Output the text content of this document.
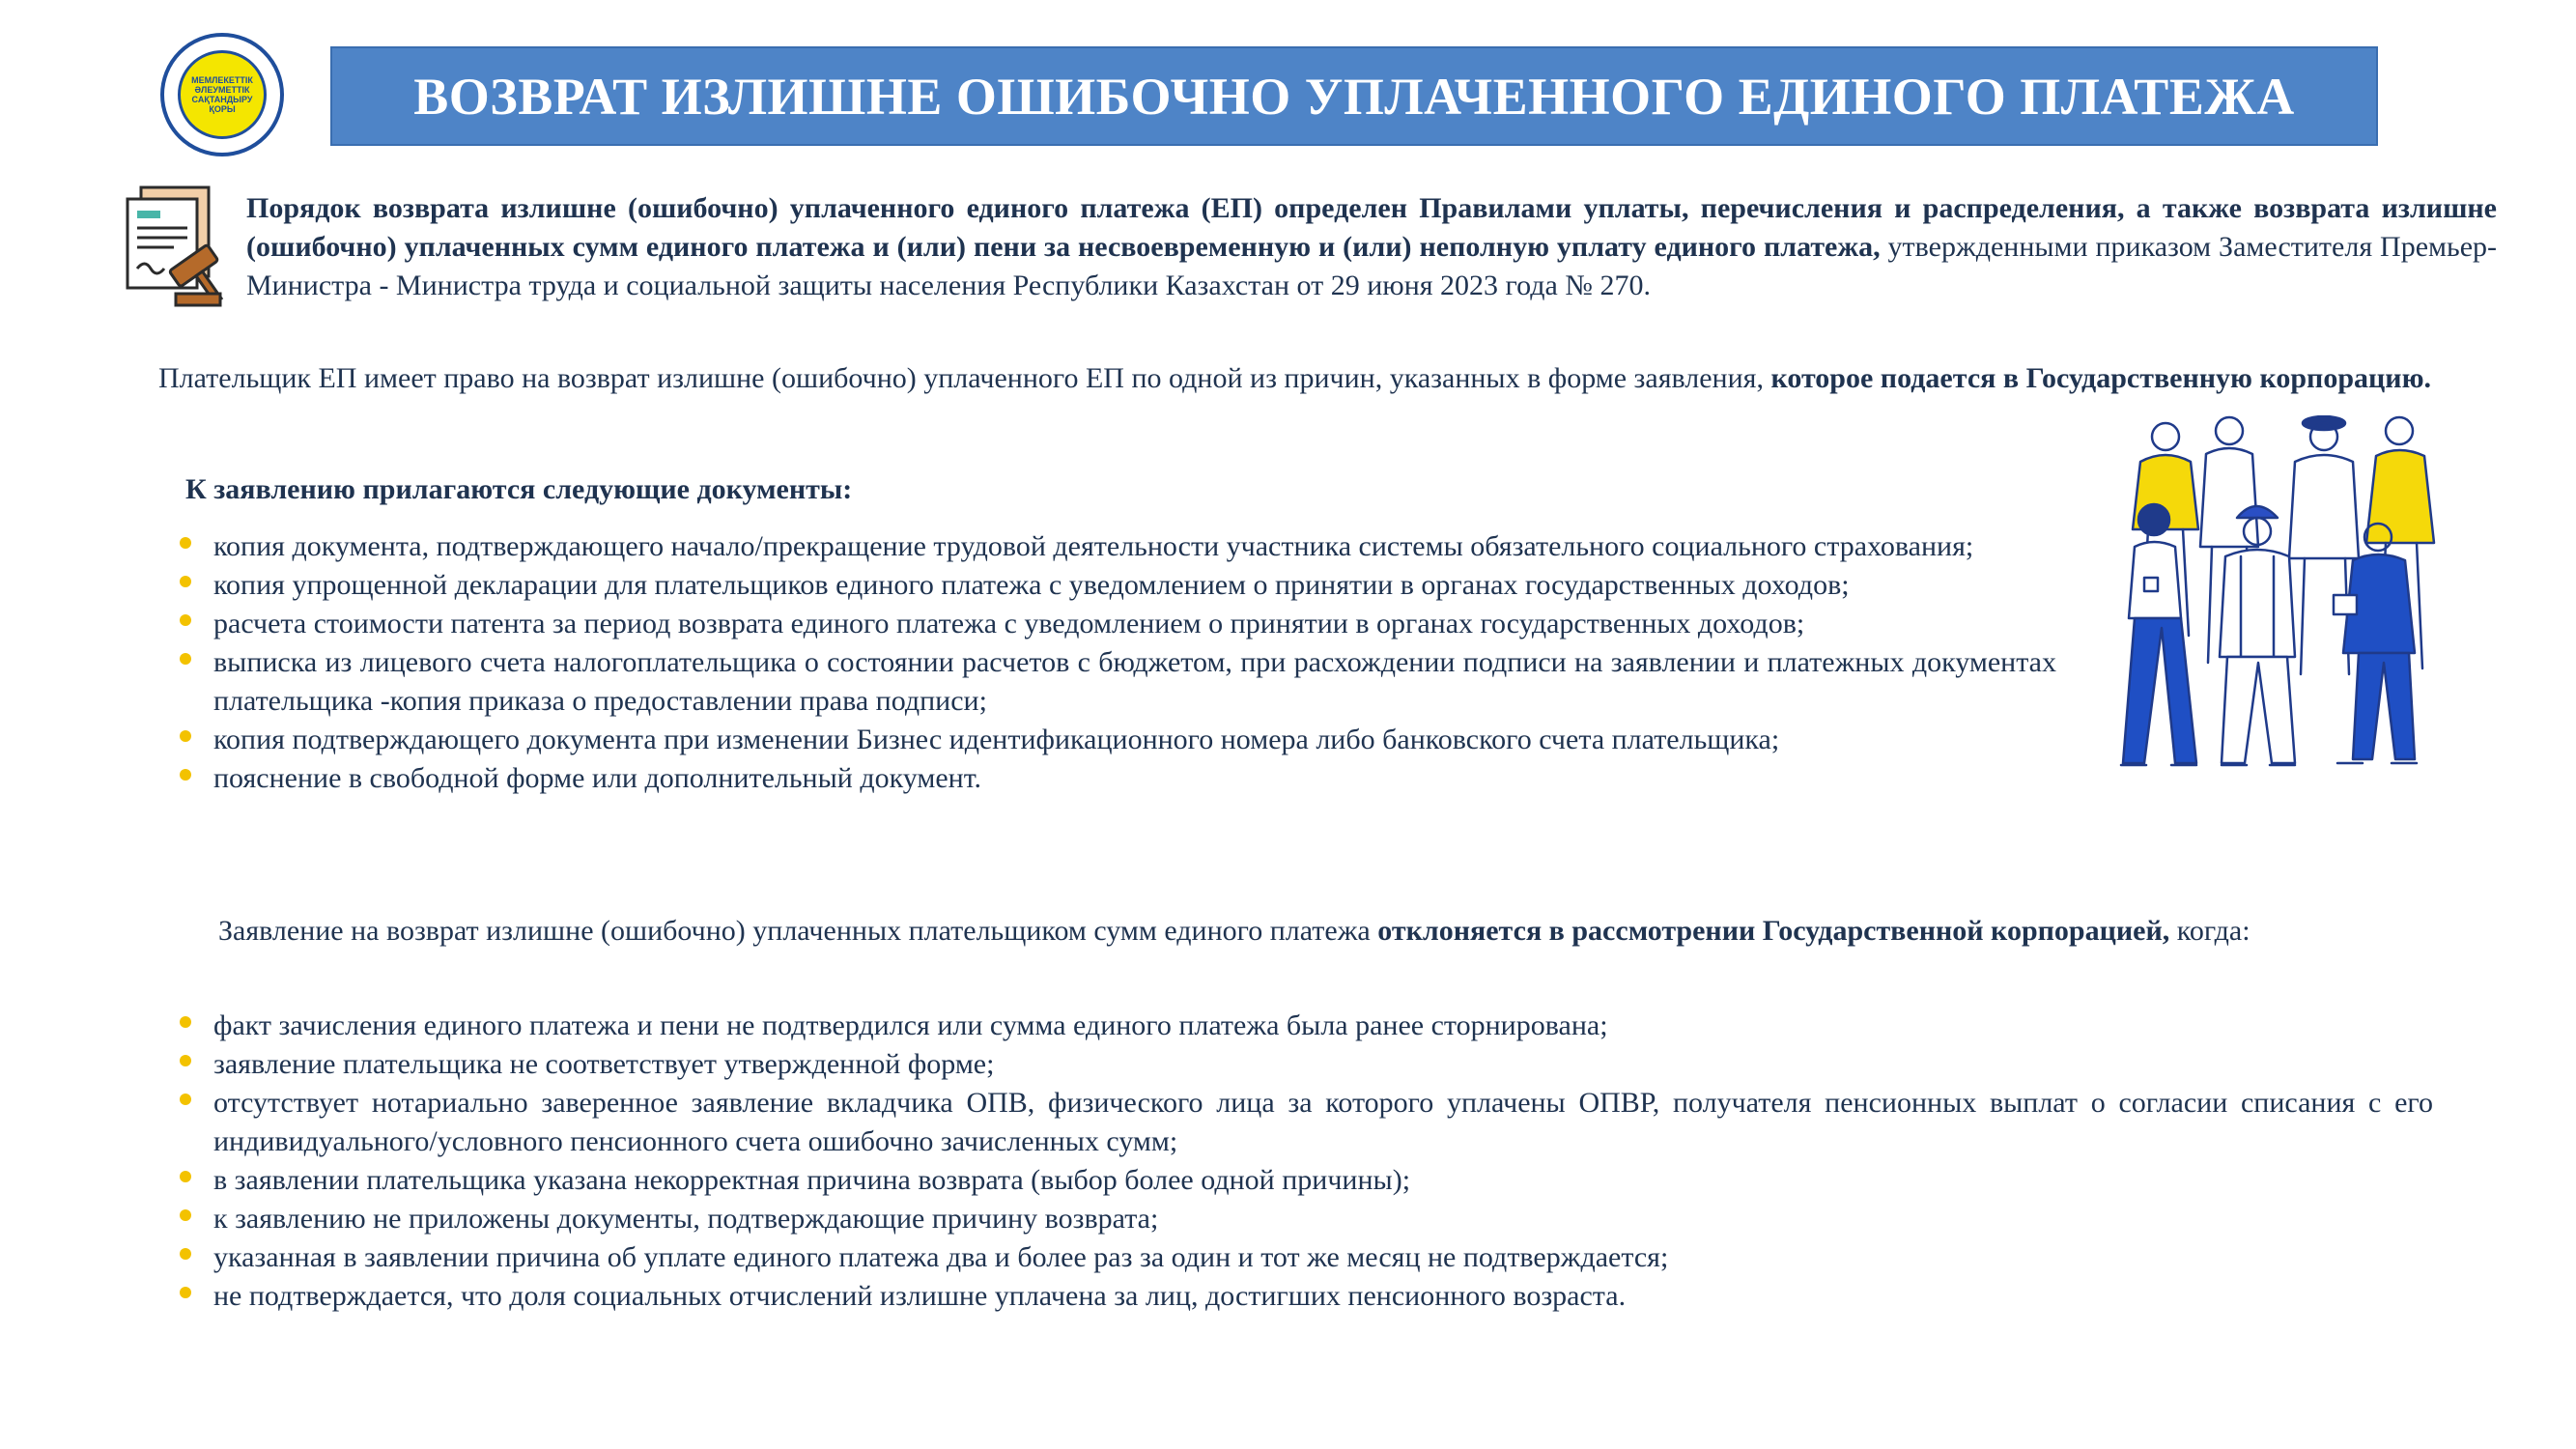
МЕМЛЕКЕТТІК
ӘЛЕУМЕТТІК
САҚТАНДЫРУ
ҚОРЫ	ВОЗВРАТ ИЗЛИШНЕ ОШИБОЧНО УПЛАЧЕННОГО ЕДИНОГО ПЛАТЕЖА

Порядок возврата излишне (ошибочно) уплаченного единого платежа (ЕП) определен Правилами уплаты, перечисления и распределения, а также возврата излишне (ошибочно) уплаченных сумм единого платежа и (или) пени за несвоевременную и (или) неполную уплату единого платежа, утвержденными приказом Заместителя Премьер-Министра - Министра труда и социальной защиты населения Республики Казахстан от 29 июня 2023 года № 270.

Плательщик ЕП имеет право на возврат излишне (ошибочно) уплаченного ЕП по одной из причин, указанных в форме заявления, которое подается в Государственную корпорацию.

К заявлению прилагаются следующие документы:

копия документа, подтверждающего начало/прекращение трудовой деятельности участника системы обязательного социального страхования;
копия упрощенной декларации для плательщиков единого платежа с уведомлением о принятии в органах государственных доходов;
расчета стоимости патента за период возврата единого платежа с уведомлением о принятии в органах государственных доходов;
выписка из лицевого счета налогоплательщика о состоянии расчетов с бюджетом, при расхождении подписи на заявлении и платежных документах плательщика -копия приказа о предоставлении права подписи;
копия подтверждающего документа при изменении Бизнес идентификационного номера либо банковского счета плательщика;
пояснение в свободной форме или дополнительный документ.

Заявление на возврат излишне (ошибочно) уплаченных плательщиком сумм единого платежа отклоняется в рассмотрении Государственной корпорацией, когда:

факт зачисления единого платежа и пени не подтвердился или сумма единого платежа была ранее сторнирована;
заявление плательщика не соответствует утвержденной форме;
отсутствует нотариально заверенное заявление вкладчика ОПВ, физического лица за которого уплачены ОПВР, получателя пенсионных выплат о согласии списания с его индивидуального/условного пенсионного счета ошибочно зачисленных сумм;
в заявлении плательщика указана некорректная причина возврата (выбор более одной причины);
к заявлению не приложены документы, подтверждающие причину возврата;
указанная в заявлении причина об уплате единого платежа два и более раз за один и тот же месяц не подтверждается;
не подтверждается, что доля социальных отчислений излишне уплачена за лиц, достигших пенсионного возраста.
